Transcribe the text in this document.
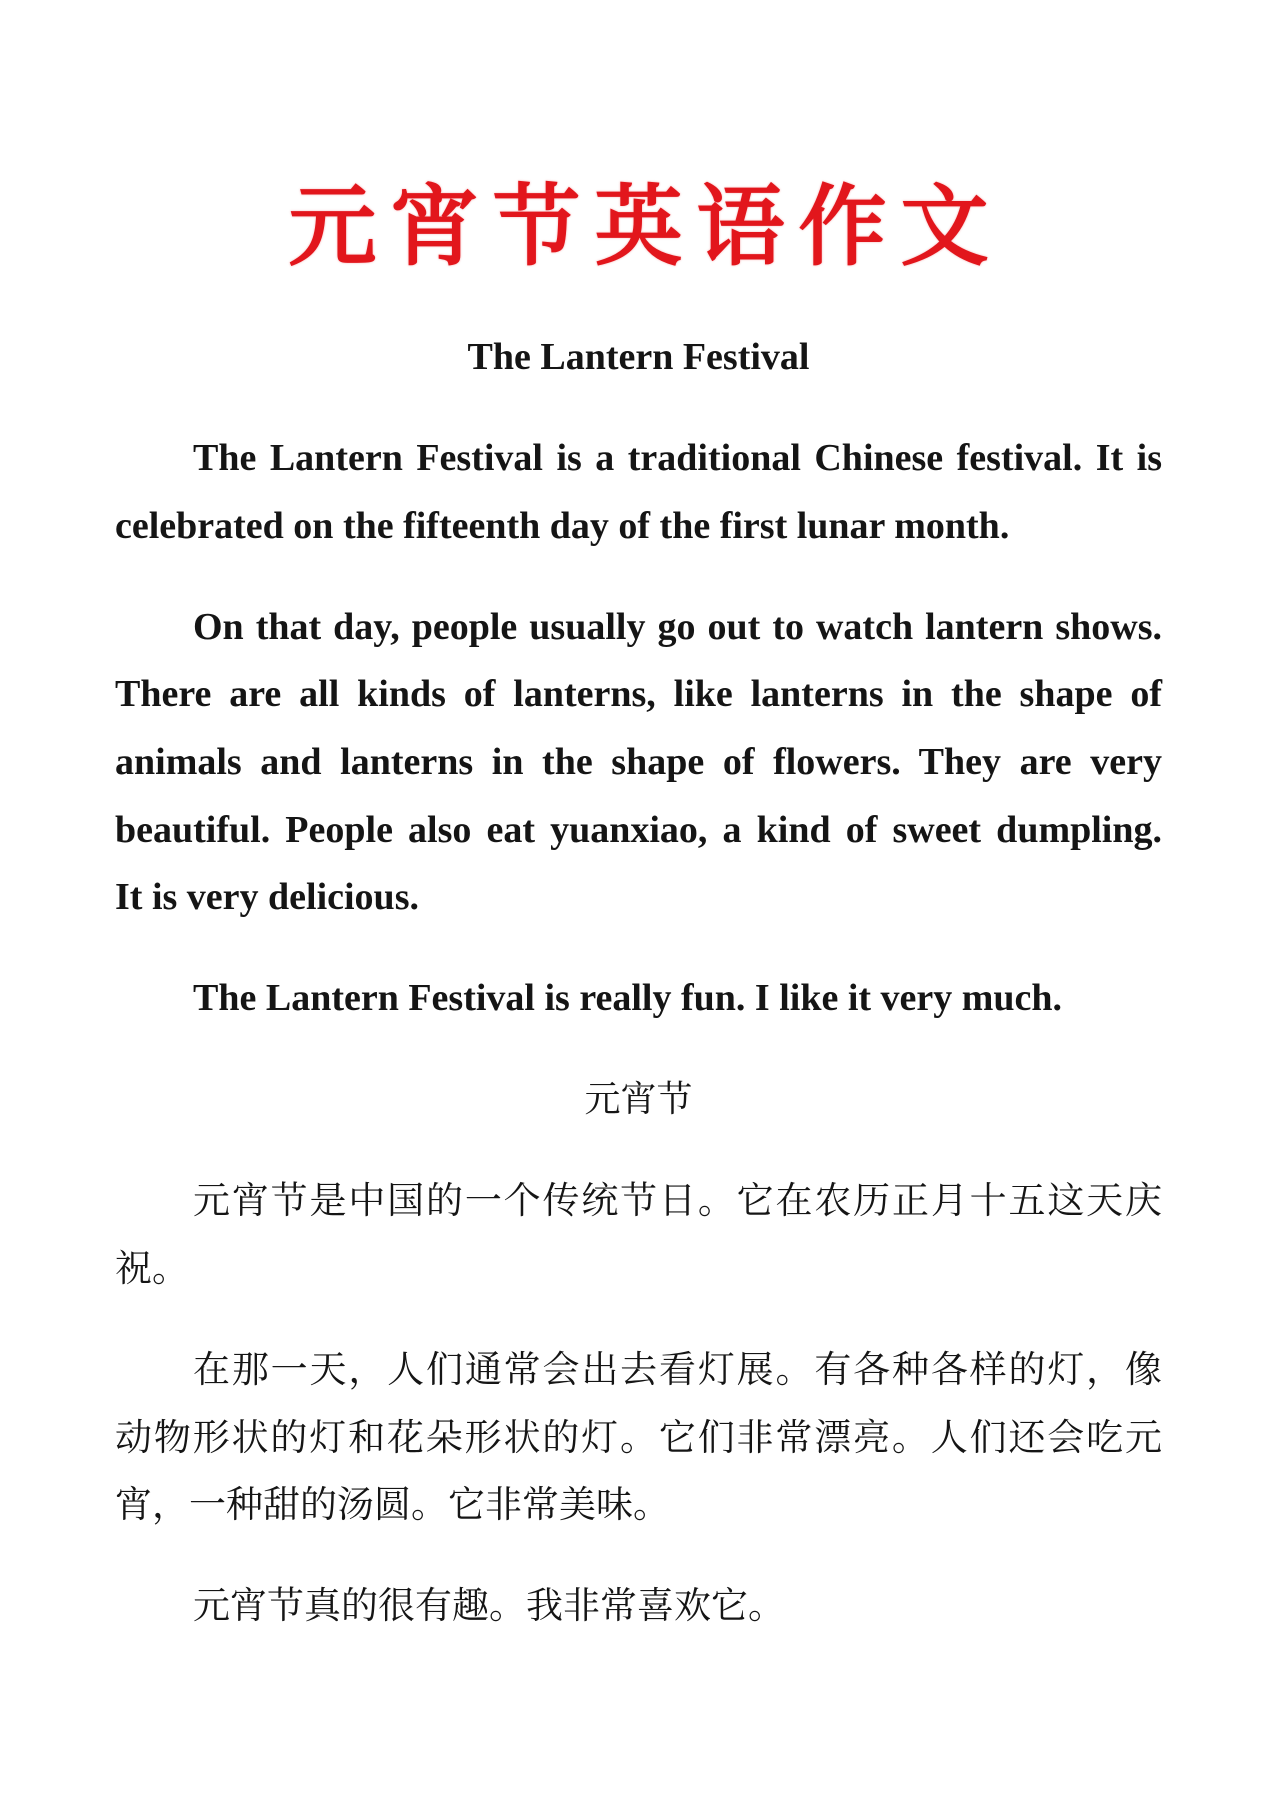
元宵节英语作文
The Lantern Festival
The Lantern Festival is a traditional Chinese festival. It is
celebrated on the fifteenth day of the first lunar month.
On that day, people usually go out to watch lantern shows.
There are all kinds of lanterns, like lanterns in the shape of
animals and lanterns in the shape of flowers. They are very
beautiful. People also eat yuanxiao, a kind of sweet dumpling.
It is very delicious.
The Lantern Festival is really fun. I like it very much.
元宵节
元宵节是中国的一个传统节日。它在农历正月十五这天庆
祝。
在那一天，人们通常会出去看灯展。有各种各样的灯，像
动物形状的灯和花朵形状的灯。它们非常漂亮。人们还会吃元
宵，一种甜的汤圆。它非常美味。
元宵节真的很有趣。我非常喜欢它。
